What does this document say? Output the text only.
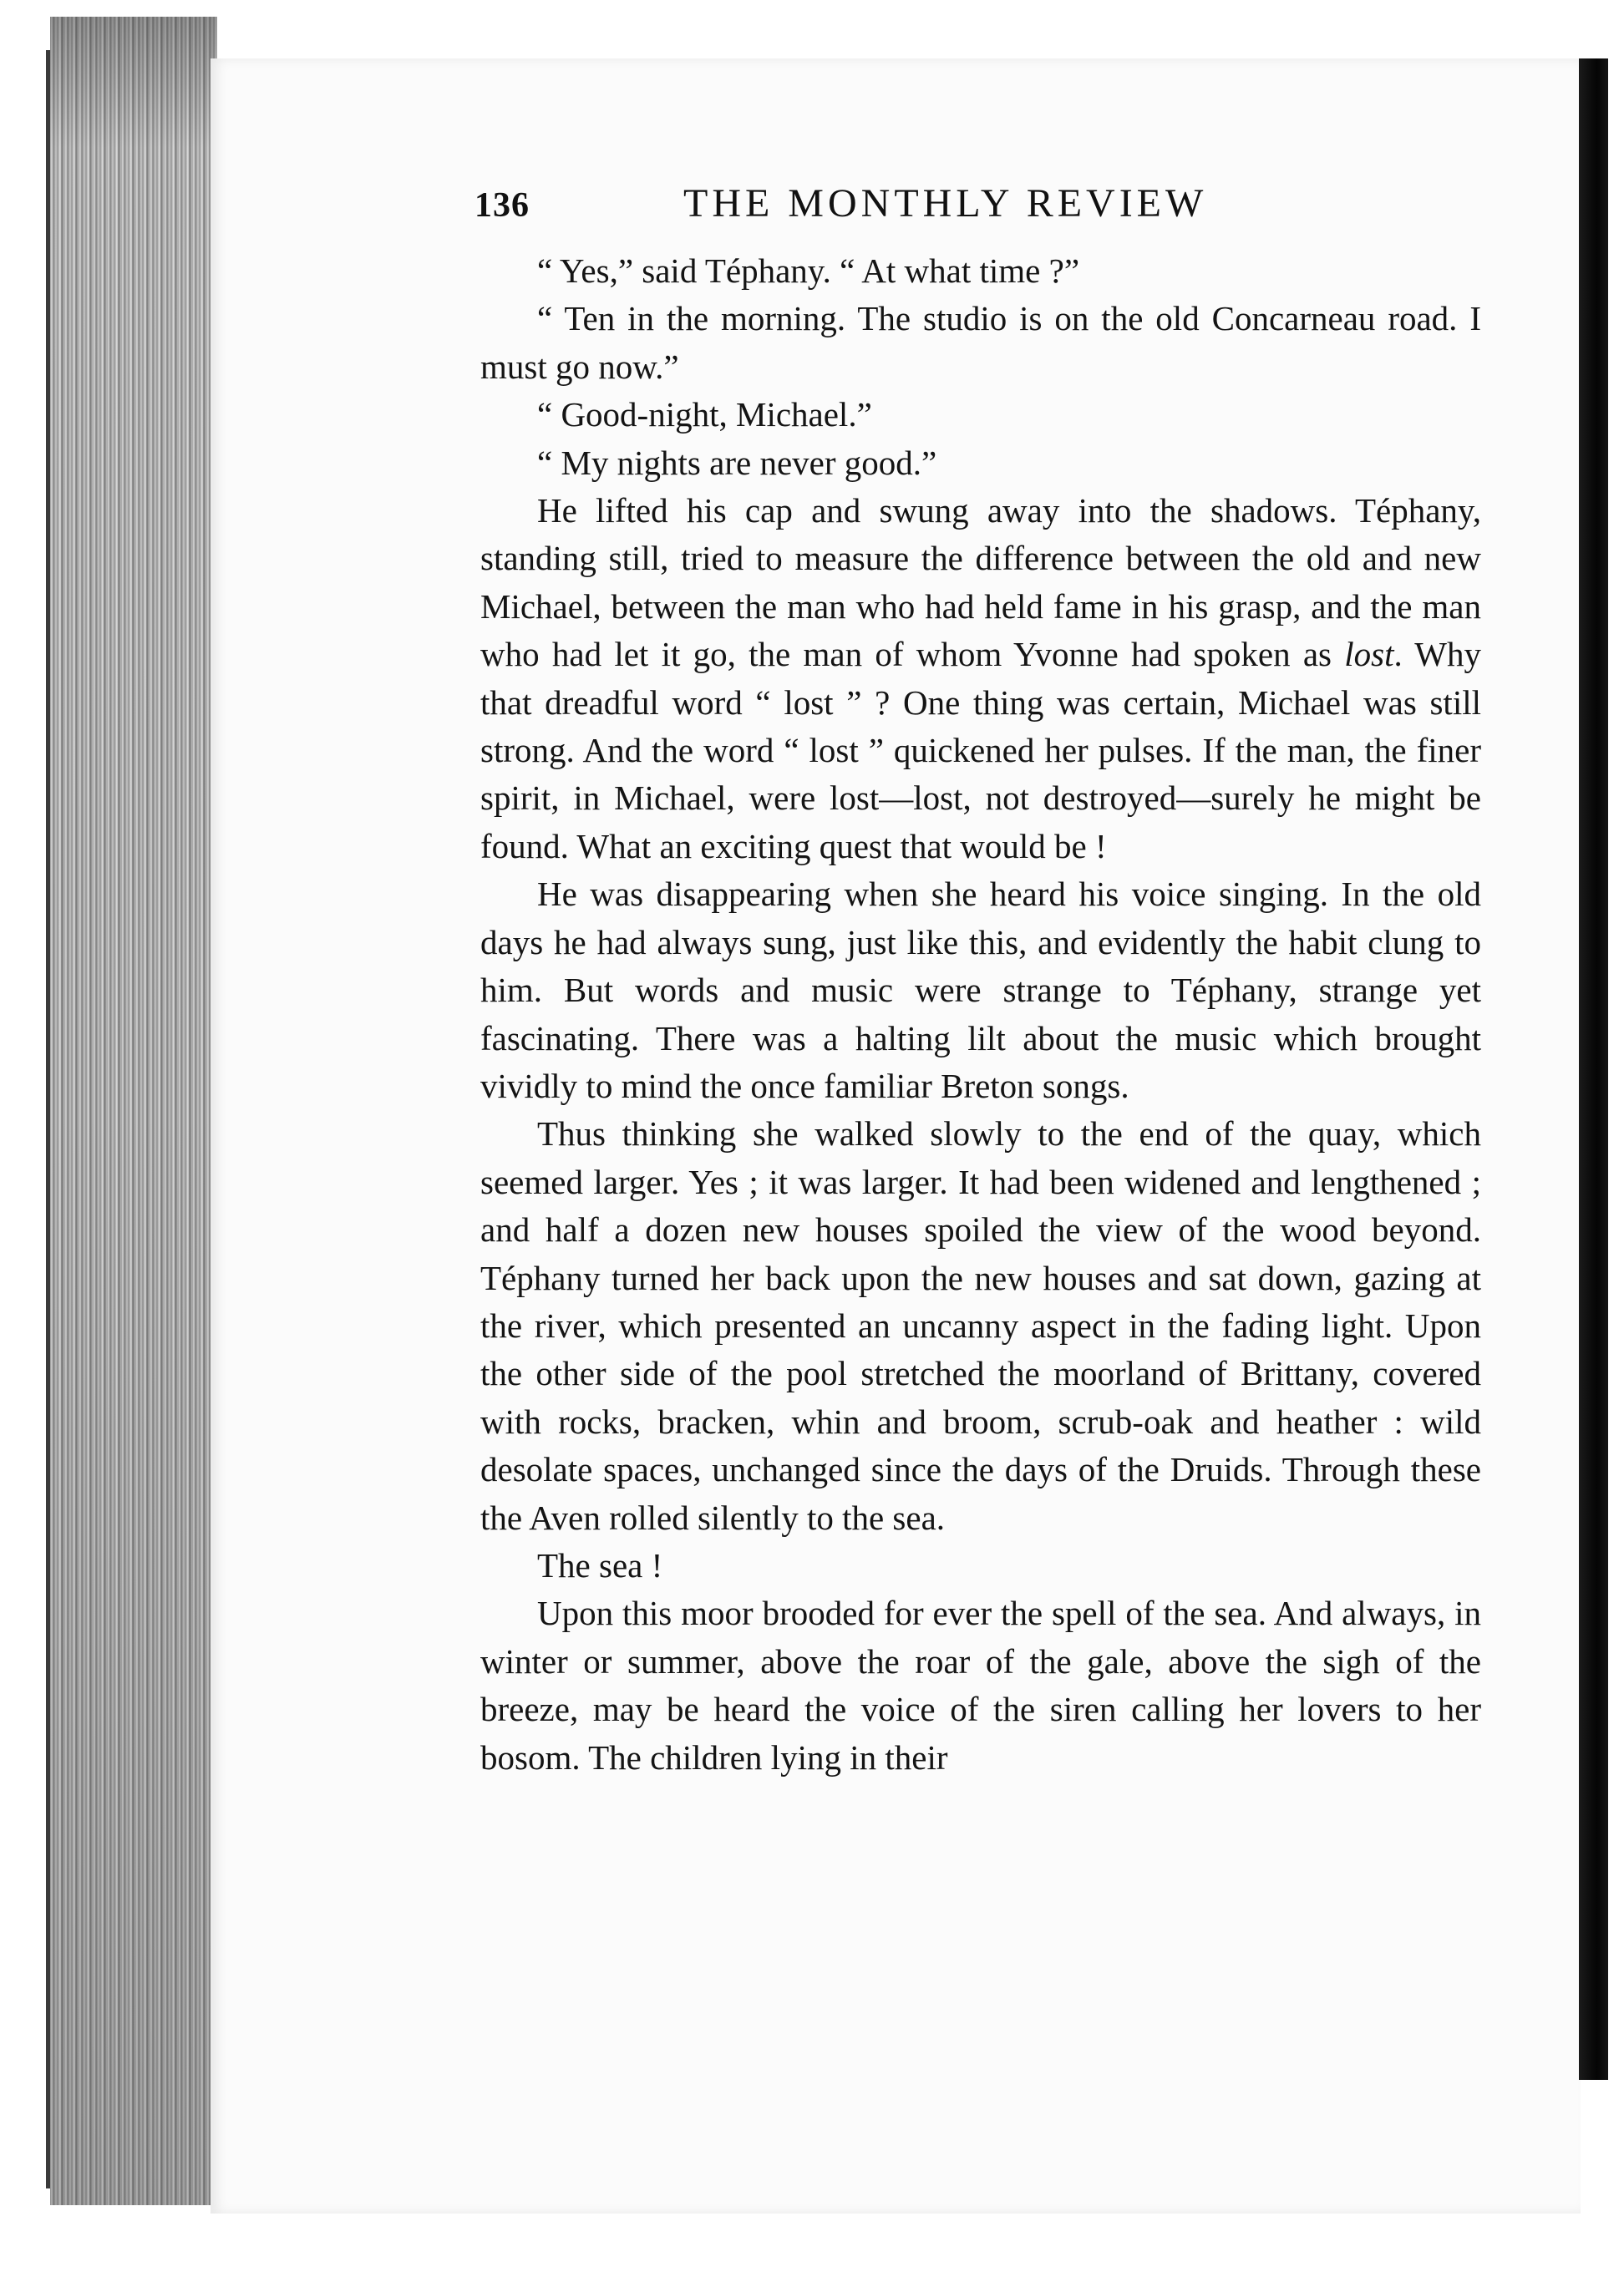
136	THE MONTHLY REVIEW

“ Yes,” said Téphany. “ At what time ?”

“ Ten in the morning. The studio is on the old Concarneau road. I must go now.”

“ Good-night, Michael.”

“ My nights are never good.”

He lifted his cap and swung away into the shadows. Téphany, standing still, tried to measure the difference between the old and new Michael, between the man who had held fame in his grasp, and the man who had let it go, the man of whom Yvonne had spoken as lost. Why that dreadful word “ lost ” ? One thing was certain, Michael was still strong. And the word “ lost ” quickened her pulses. If the man, the finer spirit, in Michael, were lost—lost, not destroyed—surely he might be found. What an exciting quest that would be !

He was disappearing when she heard his voice singing. In the old days he had always sung, just like this, and evidently the habit clung to him. But words and music were strange to Téphany, strange yet fascinating. There was a halting lilt about the music which brought vividly to mind the once familiar Breton songs.

Thus thinking she walked slowly to the end of the quay, which seemed larger. Yes ; it was larger. It had been widened and lengthened ; and half a dozen new houses spoiled the view of the wood beyond. Téphany turned her back upon the new houses and sat down, gazing at the river, which presented an uncanny aspect in the fading light. Upon the other side of the pool stretched the moorland of Brittany, covered with rocks, bracken, whin and broom, scrub-oak and heather : wild desolate spaces, unchanged since the days of the Druids. Through these the Aven rolled silently to the sea.

The sea !

Upon this moor brooded for ever the spell of the sea. And always, in winter or summer, above the roar of the gale, above the sigh of the breeze, may be heard the voice of the siren calling her lovers to her bosom. The children lying in their
